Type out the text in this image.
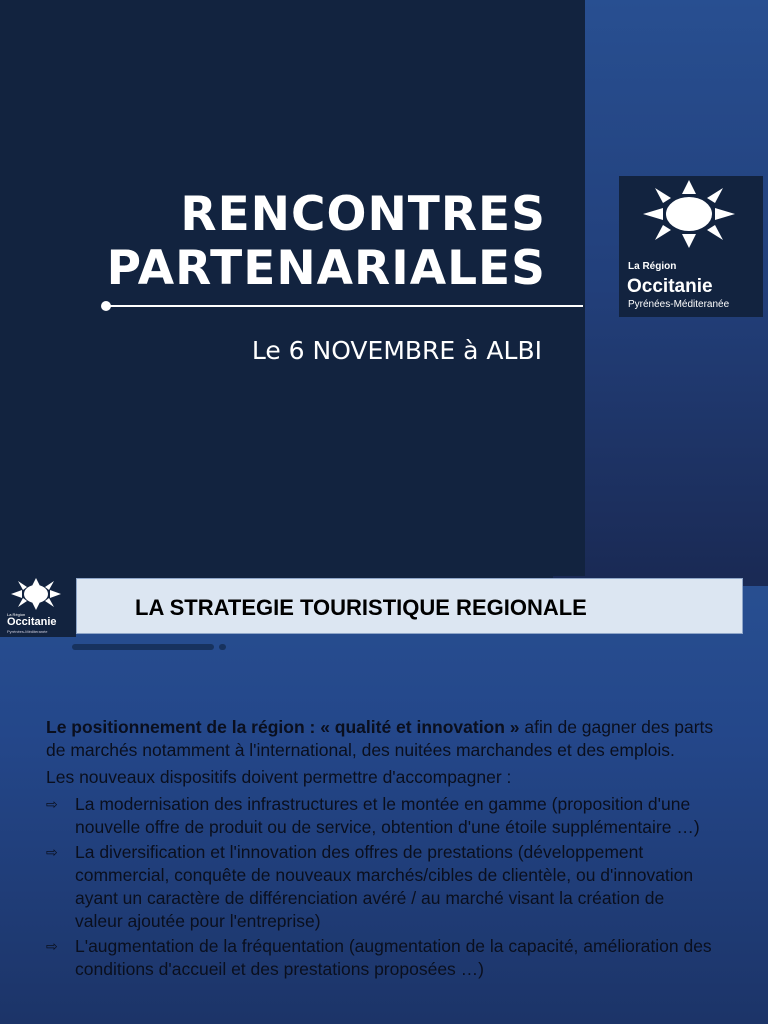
RENCONTRES
PARTENARIALES
Le 6 NOVEMBRE à ALBI
La Région
Occitanie
Pyrénées-Méditeranée
La Région
Occitanie
Pyrénées-Méditeranée
LA STRATEGIE TOURISTIQUE REGIONALE

Le positionnement de la région : « qualité et innovation » afin de gagner des parts de marchés notamment à l'international, des nuitées marchandes et des emplois.

Les nouveaux dispositifs doivent permettre d'accompagner :

⇨ La modernisation des infrastructures et le montée en gamme (proposition d'une nouvelle offre de produit ou de service, obtention d'une étoile supplémentaire …)
⇨ La diversification et l'innovation des offres de prestations (développement commercial, conquête de nouveaux marchés/cibles de clientèle, ou d'innovation ayant un caractère de différenciation avéré / au marché visant la création de valeur ajoutée pour l'entreprise)
⇨ L'augmentation de la fréquentation (augmentation de la capacité, amélioration des conditions d'accueil et des prestations proposées …)
